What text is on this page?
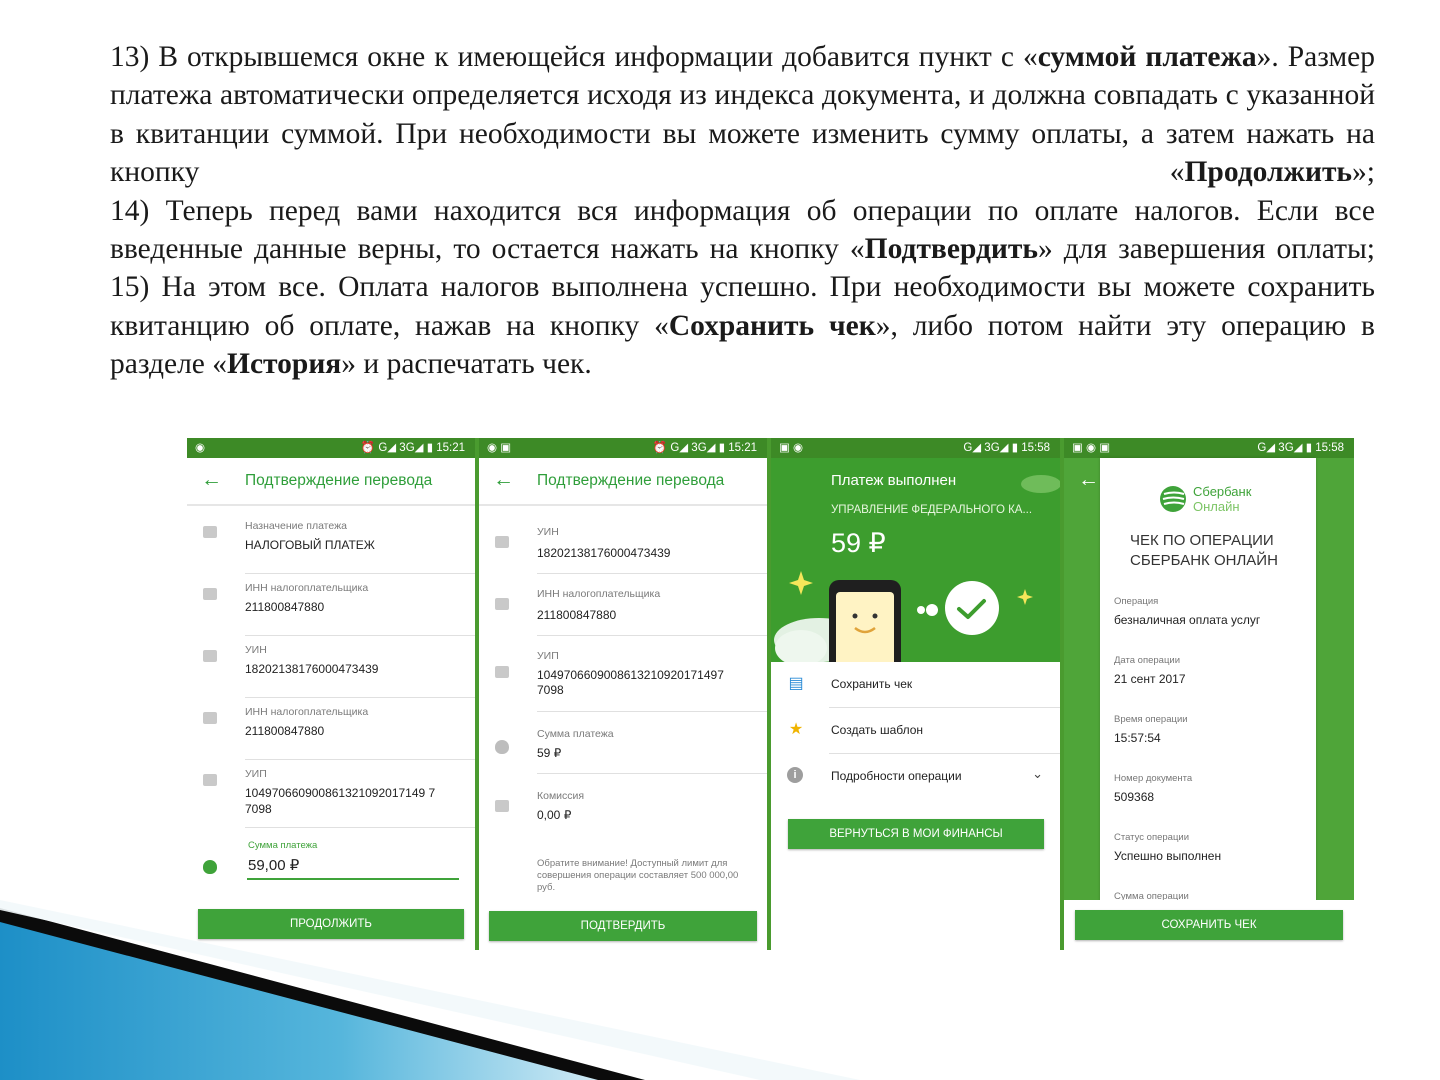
13) В открывшемся окне к имеющейся информации добавится пункт с «суммой платежа». Размер платежа автоматически определяется исходя из индекса документа, и должна совпадать с указанной в квитанции суммой. При необходимости вы можете изменить сумму оплаты, а затем нажать на кнопку «Продолжить»;

14) Теперь перед вами находится вся информация об операции по оплате налогов. Если все введенные данные верны, то остается нажать на кнопку «Подтвердить» для завершения оплаты;

15) На этом все. Оплата налогов выполнена успешно. При необходимости вы можете сохранить квитанцию об оплате, нажав на кнопку «Сохранить чек», либо потом найти эту операцию в разделе «История» и распечатать чек.

◉	⏰ G◢ 3G◢ ▮ 15:21
← Подтверждение перевода
Назначение платежа
НАЛОГОВЫЙ ПЛАТЕЖ
ИНН налогоплательщика
211800847880
УИН
18202138176000473439
ИНН налогоплательщика
211800847880
УИП
104970660900861321092017149 7
7098
Сумма платежа
59,00 ₽
ПРОДОЛЖИТЬ
◉ ▣	⏰ G◢ 3G◢ ▮ 15:21
← Подтверждение перевода
УИН
18202138176000473439
ИНН налогоплательщика
211800847880
УИП
1049706609008613210920171497
7098
Сумма платежа
59 ₽
Комиссия
0,00 ₽
Обратите внимание! Доступный лимит для совершения операции составляет 500 000,00 руб.
ПОДТВЕРДИТЬ
▣ ◉	G◢ 3G◢ ▮ 15:58
Платеж выполнен
УПРАВЛЕНИЕ ФЕДЕРАЛЬНОГО КА...
59 ₽
▤ Сохранить чек
★ Создать шаблон
i	Подробности операции	⌄
ВЕРНУТЬСЯ В МОИ ФИНАНСЫ
▣ ◉ ▣	G◢ 3G◢ ▮ 15:58
←
Сбербанк
Онлайн
ЧЕК ПО ОПЕРАЦИИ
СБЕРБАНК ОНЛАЙН
Операция
безналичная оплата услуг
Дата операции
21 сент 2017
Время операции
15:57:54
Номер документа
509368
Статус операции
Успешно выполнен
Сумма операции
СОХРАНИТЬ ЧЕК
